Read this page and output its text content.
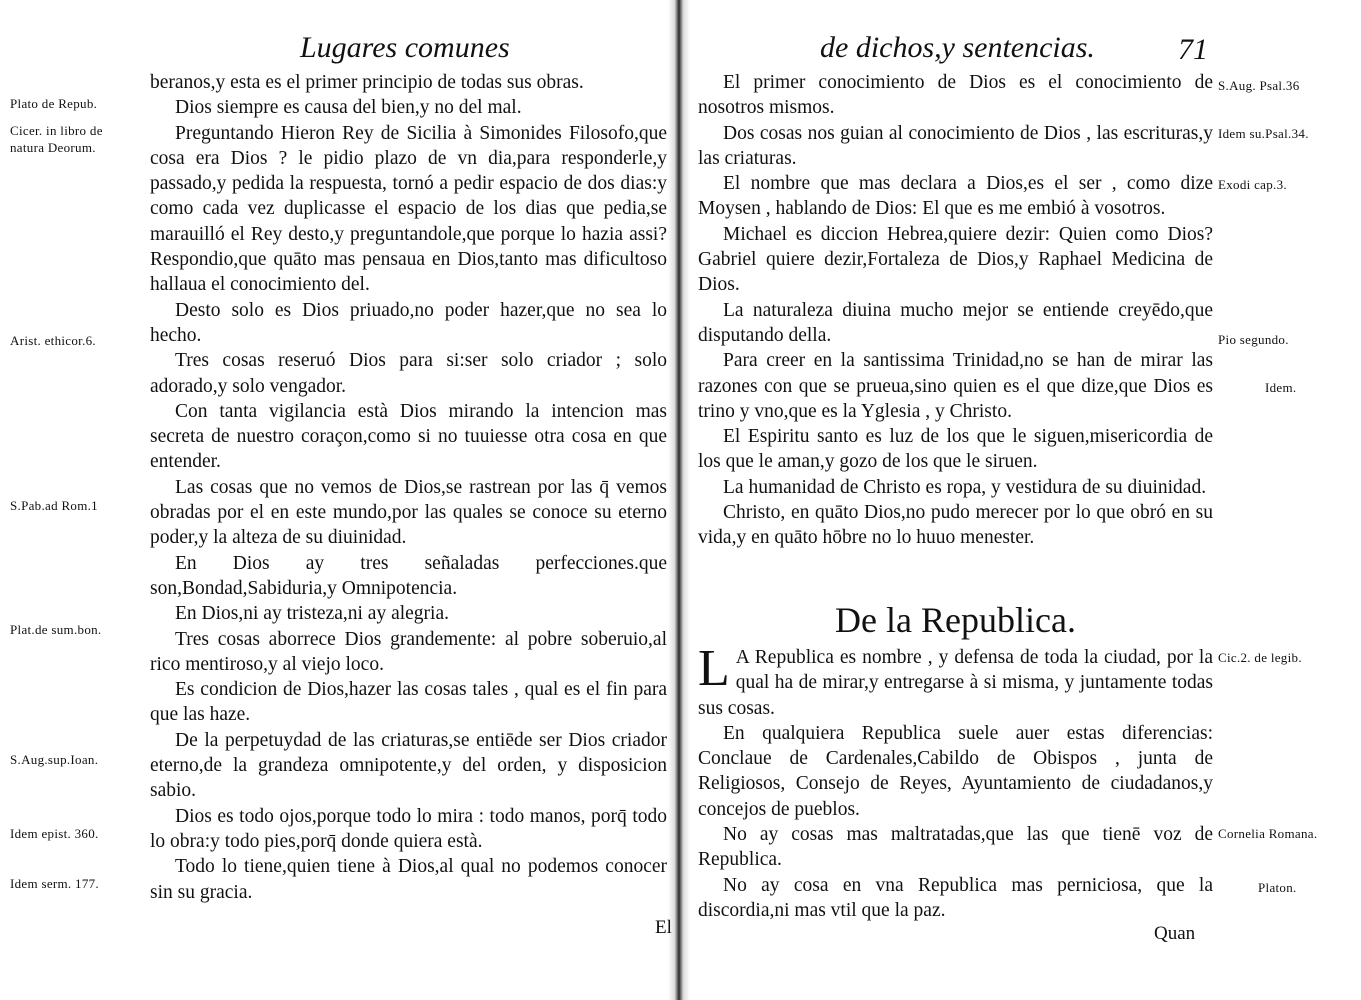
Lugares comunes

beranos,y esta es el primer principio de todas sus obras.

Dios siempre es causa del bien,y no del mal.

Preguntando Hieron Rey de Sicilia à Simonides Filosofo,que cosa era Dios ? le pidio plazo de vn dia,para responderle,y passado,y pedida la respuesta, tornó a pedir espacio de dos dias:y como cada vez duplicasse el espacio de los dias que pedia,se marauilló el Rey desto,y preguntandole,que porque lo hazia assi? Respondio,que quāto mas pensaua en Dios,tanto mas dificultoso hallaua el conocimiento del.

Desto solo es Dios priuado,no poder hazer,que no sea lo hecho.

Tres cosas reseruó Dios para si:ser solo criador ; solo adorado,y solo vengador.

Con tanta vigilancia està Dios mirando la intencion mas secreta de nuestro coraçon,como si no tuuiesse otra cosa en que entender.

Las cosas que no vemos de Dios,se rastrean por las q̄ vemos obradas por el en este mundo,por las quales se conoce su eterno poder,y la alteza de su diuinidad.

En Dios ay tres señaladas perfecciones.que son,Bondad,Sabiduria,y Omnipotencia.

En Dios,ni ay tristeza,ni ay alegria.

Tres cosas aborrece Dios grandemente: al pobre soberuio,al rico mentiroso,y al viejo loco.

Es condicion de Dios,hazer las cosas tales , qual es el fin para que las haze.

De la perpetuydad de las criaturas,se entiēde ser Dios criador eterno,de la grandeza omnipotente,y del orden, y disposicion sabio.

Dios es todo ojos,porque todo lo mira : todo manos, porq̄ todo lo obra:y todo pies,porq̄ donde quiera està.

Todo lo tiene,quien tiene à Dios,al qual no podemos conocer sin su gracia.

Plato de Repub.
Cicer. in libro de
natura Deorum.
Arist. ethicor.6.
S.Pab.ad Rom.1
Plat.de sum.bon.
S.Aug.sup.Ioan.
Idem epist. 360.
Idem serm. 177.
El
de dichos,y sentencias.	71

El primer conocimiento de Dios es el conocimiento de nosotros mismos.

Dos cosas nos guian al conocimiento de Dios , las escrituras,y las criaturas.

El nombre que mas declara a Dios,es el ser , como dize Moysen , hablando de Dios: El que es me embió à vosotros.

Michael es diccion Hebrea,quiere dezir: Quien como Dios? Gabriel quiere dezir,Fortaleza de Dios,y Raphael Medicina de Dios.

La naturaleza diuina mucho mejor se entiende creyēdo,que disputando della.

Para creer en la santissima Trinidad,no se han de mirar las razones con que se prueua,sino quien es el que dize,que Dios es trino y vno,que es la Yglesia , y Christo.

El Espiritu santo es luz de los que le siguen,misericordia de los que le aman,y gozo de los que le siruen.

La humanidad de Christo es ropa, y vestidura de su diuinidad.

Christo, en quāto Dios,no pudo merecer por lo que obró en su vida,y en quāto hōbre no lo huuo menester.

De la Republica.

L A Republica es nombre , y defensa de toda la ciudad, por la qual ha de mirar,y entregarse à si misma, y juntamente todas sus cosas.

En qualquiera Republica suele auer estas diferencias: Conclaue de Cardenales,Cabildo de Obispos , junta de Religiosos, Consejo de Reyes, Ayuntamiento de ciudadanos,y concejos de pueblos.

No ay cosas mas maltratadas,que las que tienē voz de Republica.

No ay cosa en vna Republica mas perniciosa, que la discordia,ni mas vtil que la paz.

S.Aug. Psal.36
Idem su.Psal.34.
Exodi cap.3.
Pio segundo.
Idem.
Cic.2. de legib.
Cornelia Romana.
Platon.
Quan
